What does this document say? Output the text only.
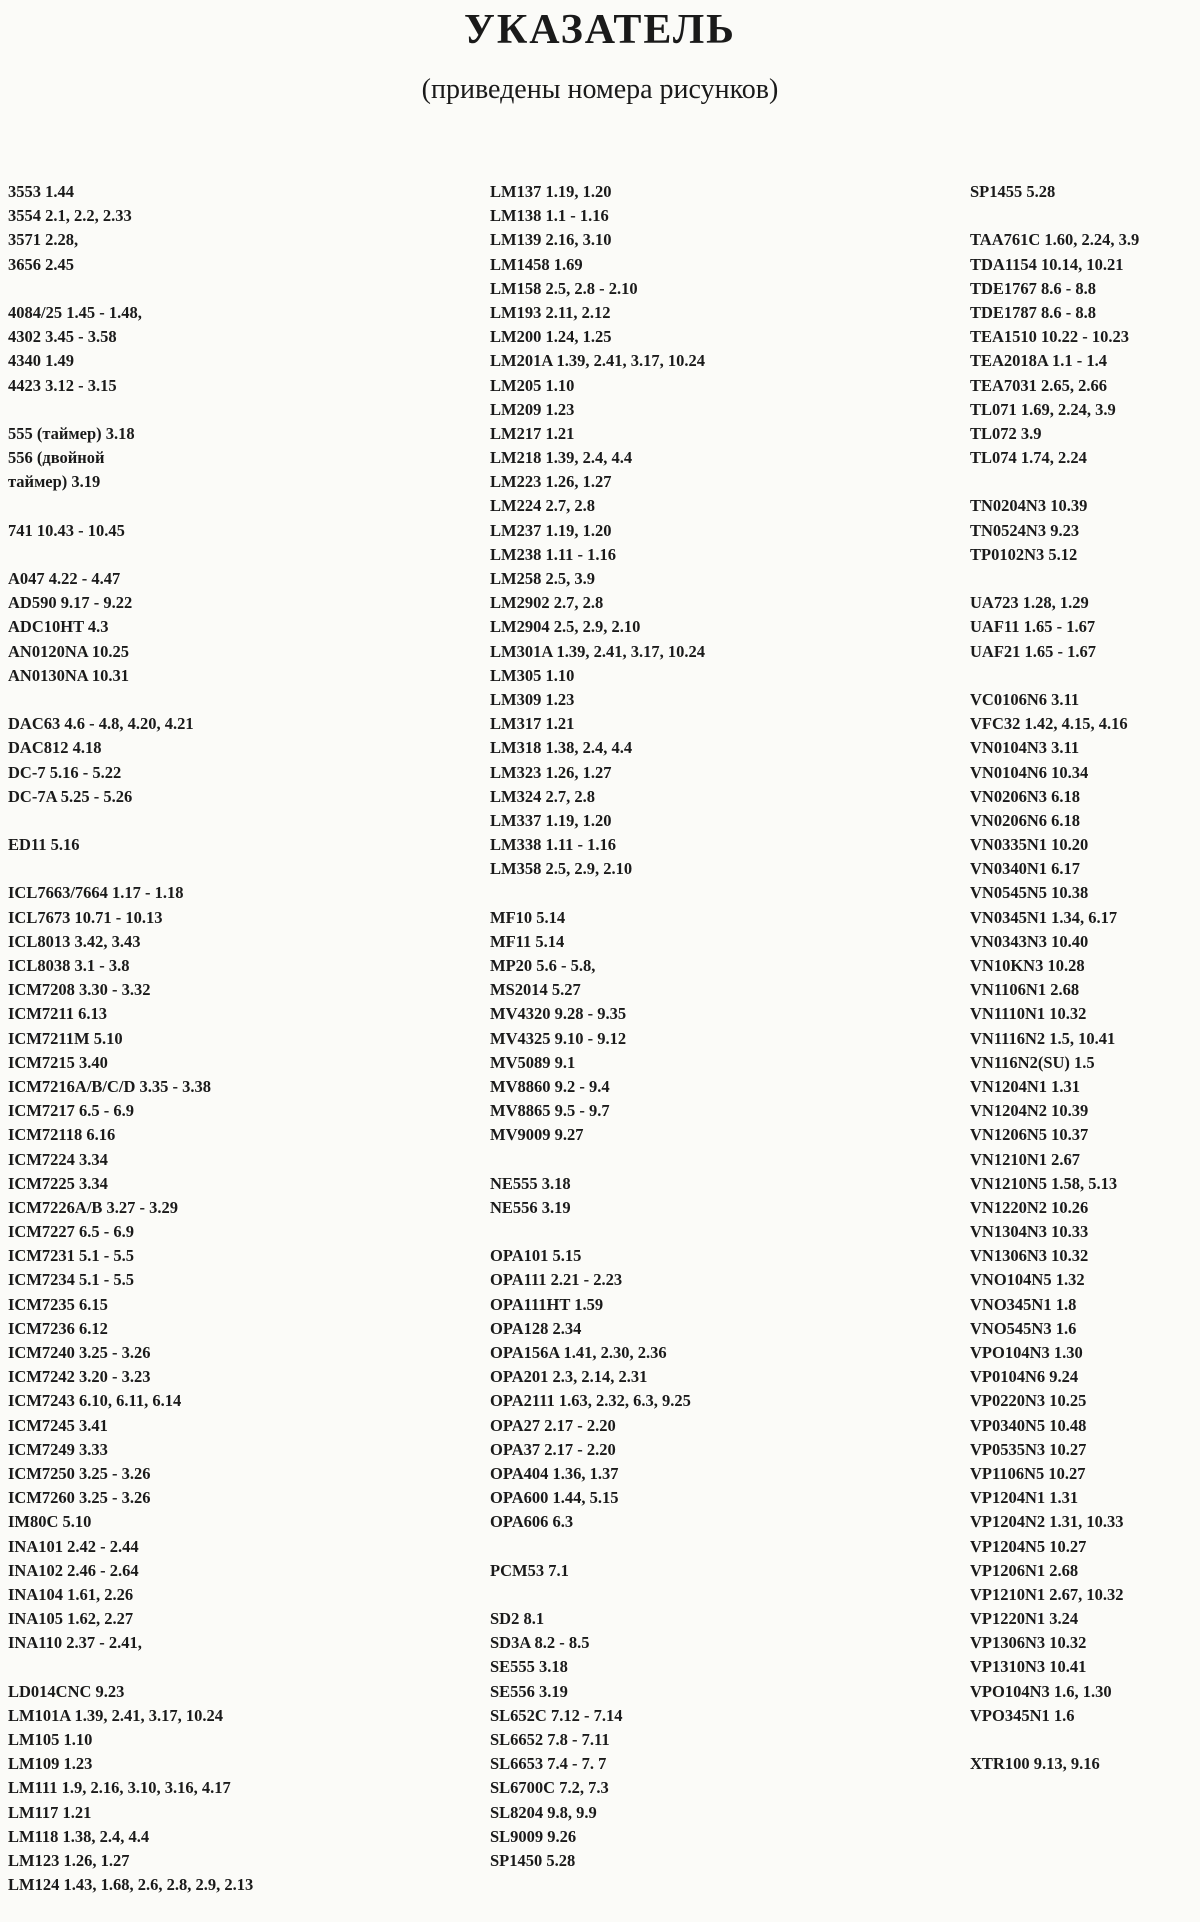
УКАЗАТЕЛЬ
(приведены номера рисунков)
3553 1.44
3554 2.1, 2.2, 2.33
3571 2.28,
3656 2.45
4084/25 1.45 - 1.48,
4302 3.45 - 3.58
4340 1.49
4423 3.12 - 3.15
555 (таймер) 3.18
556 (двойной
таймер) 3.19
741 10.43 - 10.45
A047 4.22 - 4.47
AD590 9.17 - 9.22
ADC10HT 4.3
AN0120NA 10.25
AN0130NA 10.31
DAC63 4.6 - 4.8, 4.20, 4.21
DAC812 4.18
DC-7 5.16 - 5.22
DC-7A 5.25 - 5.26
ED11 5.16
ICL7663/7664 1.17 - 1.18
ICL7673 10.71 - 10.13
ICL8013 3.42, 3.43
ICL8038 3.1 - 3.8
ICM7208 3.30 - 3.32
ICM7211 6.13
ICM7211M 5.10
ICM7215 3.40
ICM7216A/B/C/D 3.35 - 3.38
ICM7217 6.5 - 6.9
ICM72118 6.16
ICM7224 3.34
ICM7225 3.34
ICM7226A/B 3.27 - 3.29
ICM7227 6.5 - 6.9
ICM7231 5.1 - 5.5
ICM7234 5.1 - 5.5
ICM7235 6.15
ICM7236 6.12
ICM7240 3.25 - 3.26
ICM7242 3.20 - 3.23
ICM7243 6.10, 6.11, 6.14
ICM7245 3.41
ICM7249 3.33
ICM7250 3.25 - 3.26
ICM7260 3.25 - 3.26
IM80C 5.10
INA101 2.42 - 2.44
INA102 2.46 - 2.64
INA104 1.61, 2.26
INA105 1.62, 2.27
INA110 2.37 - 2.41,
LD014CNC 9.23
LM101A 1.39, 2.41, 3.17, 10.24
LM105 1.10
LM109 1.23
LM111 1.9, 2.16, 3.10, 3.16, 4.17
LM117 1.21
LM118 1.38, 2.4, 4.4
LM123 1.26, 1.27
LM124 1.43, 1.68, 2.6, 2.8, 2.9, 2.13
LM137 1.19, 1.20
LM138 1.1 - 1.16
LM139 2.16, 3.10
LM1458 1.69
LM158 2.5, 2.8 - 2.10
LM193 2.11, 2.12
LM200 1.24, 1.25
LM201A 1.39, 2.41, 3.17, 10.24
LM205 1.10
LM209 1.23
LM217 1.21
LM218 1.39, 2.4, 4.4
LM223 1.26, 1.27
LM224 2.7, 2.8
LM237 1.19, 1.20
LM238 1.11 - 1.16
LM258 2.5, 3.9
LM2902 2.7, 2.8
LM2904 2.5, 2.9, 2.10
LM301A 1.39, 2.41, 3.17, 10.24
LM305 1.10
LM309 1.23
LM317 1.21
LM318 1.38, 2.4, 4.4
LM323 1.26, 1.27
LM324 2.7, 2.8
LM337 1.19, 1.20
LM338 1.11 - 1.16
LM358 2.5, 2.9, 2.10
MF10 5.14
MF11 5.14
MP20 5.6 - 5.8,
MS2014 5.27
MV4320 9.28 - 9.35
MV4325 9.10 - 9.12
MV5089 9.1
MV8860 9.2 - 9.4
MV8865 9.5 - 9.7
MV9009 9.27
NE555 3.18
NE556 3.19
OPA101 5.15
OPA111 2.21 - 2.23
OPA111HT 1.59
OPA128 2.34
OPA156A 1.41, 2.30, 2.36
OPA201 2.3, 2.14, 2.31
OPA2111 1.63, 2.32, 6.3, 9.25
OPA27 2.17 - 2.20
OPA37 2.17 - 2.20
OPA404 1.36, 1.37
OPA600 1.44, 5.15
OPA606 6.3
PCM53 7.1
SD2 8.1
SD3A 8.2 - 8.5
SE555 3.18
SE556 3.19
SL652C 7.12 - 7.14
SL6652 7.8 - 7.11
SL6653 7.4 - 7. 7
SL6700C 7.2, 7.3
SL8204 9.8, 9.9
SL9009 9.26
SP1450 5.28
SP1455 5.28
TAA761C 1.60, 2.24, 3.9
TDA1154 10.14, 10.21
TDE1767 8.6 - 8.8
TDE1787 8.6 - 8.8
TEA1510 10.22 - 10.23
TEA2018A 1.1 - 1.4
TEA7031 2.65, 2.66
TL071 1.69, 2.24, 3.9
TL072 3.9
TL074 1.74, 2.24
TN0204N3 10.39
TN0524N3 9.23
TP0102N3 5.12
UA723 1.28, 1.29
UAF11 1.65 - 1.67
UAF21 1.65 - 1.67
VC0106N6 3.11
VFC32 1.42, 4.15, 4.16
VN0104N3 3.11
VN0104N6 10.34
VN0206N3 6.18
VN0206N6 6.18
VN0335N1 10.20
VN0340N1 6.17
VN0545N5 10.38
VN0345N1 1.34, 6.17
VN0343N3 10.40
VN10KN3 10.28
VN1106N1 2.68
VN1110N1 10.32
VN1116N2 1.5, 10.41
VN116N2(SU) 1.5
VN1204N1 1.31
VN1204N2 10.39
VN1206N5 10.37
VN1210N1 2.67
VN1210N5 1.58, 5.13
VN1220N2 10.26
VN1304N3 10.33
VN1306N3 10.32
VNO104N5 1.32
VNO345N1 1.8
VNO545N3 1.6
VPO104N3 1.30
VP0104N6 9.24
VP0220N3 10.25
VP0340N5 10.48
VP0535N3 10.27
VP1106N5 10.27
VP1204N1 1.31
VP1204N2 1.31, 10.33
VP1204N5 10.27
VP1206N1 2.68
VP1210N1 2.67, 10.32
VP1220N1 3.24
VP1306N3 10.32
VP1310N3 10.41
VPO104N3 1.6, 1.30
VPO345N1 1.6
XTR100 9.13, 9.16
